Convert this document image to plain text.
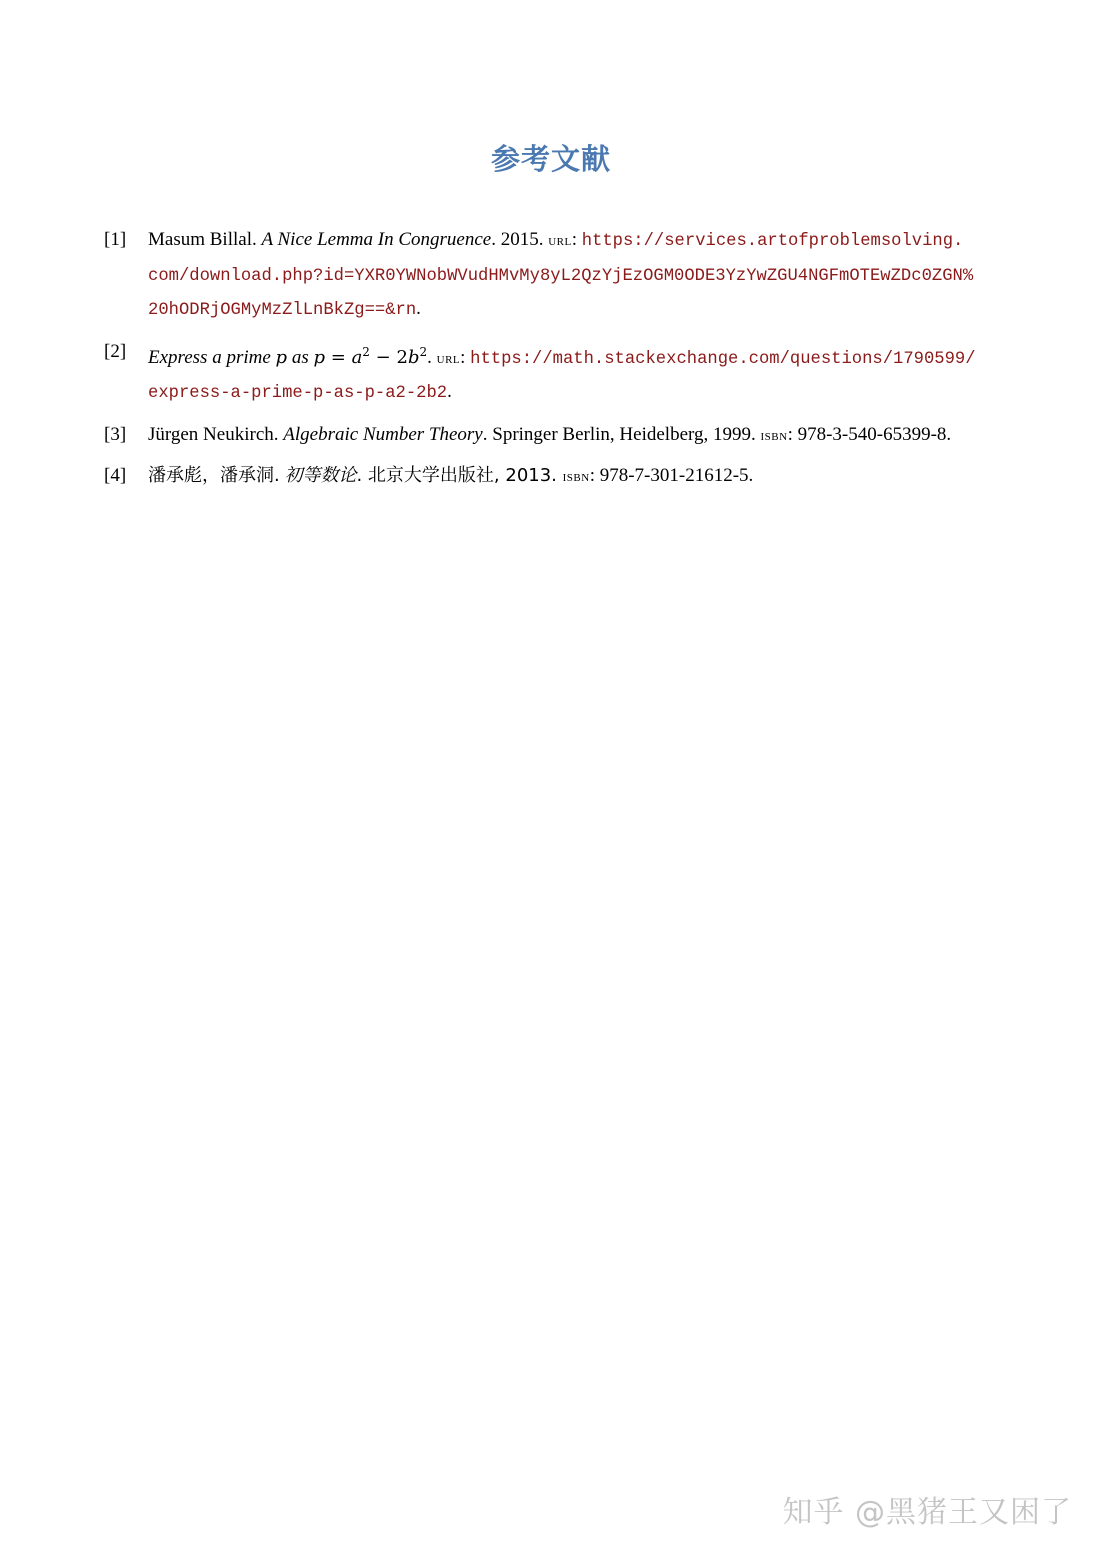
参考文献
[1] Masum Billal. A Nice Lemma In Congruence. 2015. url: https://services.artofproblemsolving.
com/download.php?id=YXR0YWNobWVudHMvMy8yL2QzYjEzOGM0ODE3YzYwZGU4NGFmOTEwZDc0ZGN%
20hODRjOGMyMzZlLnBkZg==&rn.
[2] Express a prime p as $p = a^2 - 2b^2$. url: https://math.stackexchange.com/questions/1790599/
express-a-prime-p-as-p-a2-2b2.
[3] Jürgen Neukirch. Algebraic Number Theory. Springer Berlin, Heidelberg, 1999. isbn: 978-3-540-65399-8.
[4] 潘承彪，潘承洞. 初等数论. 北京大学出版社, 2013. isbn: 978-7-301-21612-5.
知乎 @黑猪王又困了
